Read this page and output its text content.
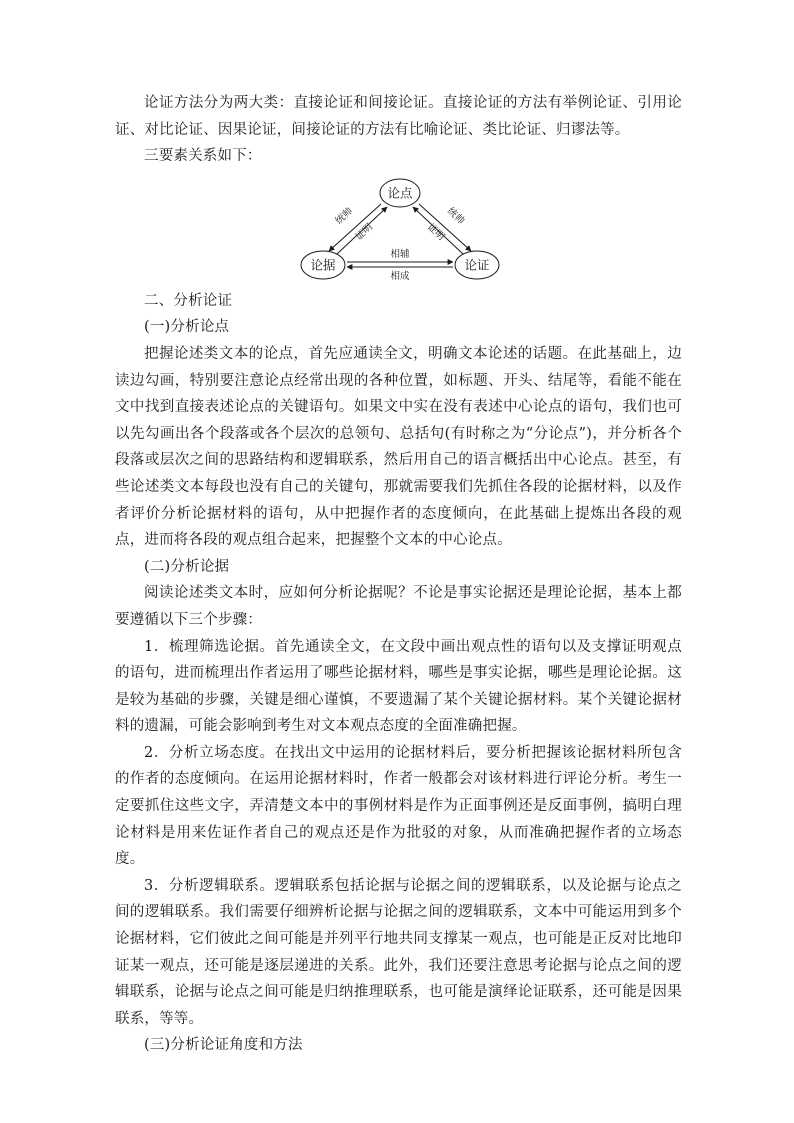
论证方法分为两大类：直接论证和间接论证。直接论证的方法有举例论证、引用论证、对比论证、因果论证，间接论证的方法有比喻论证、类比论证、归谬法等。

三要素关系如下：

论点
论据	论证
统帅
证明
统帅
证明
相辅
相成

二、分析论证

(一)分析论点

把握论述类文本的论点，首先应通读全文，明确文本论述的话题。在此基础上，边读边勾画，特别要注意论点经常出现的各种位置，如标题、开头、结尾等，看能不能在文中找到直接表述论点的关键语句。如果文中实在没有表述中心论点的语句，我们也可以先勾画出各个段落或各个层次的总领句、总括句(有时称之为“分论点”)，并分析各个段落或层次之间的思路结构和逻辑联系，然后用自己的语言概括出中心论点。甚至，有些论述类文本每段也没有自己的关键句，那就需要我们先抓住各段的论据材料，以及作者评价分析论据材料的语句，从中把握作者的态度倾向，在此基础上提炼出各段的观点，进而将各段的观点组合起来，把握整个文本的中心论点。

(二)分析论据

阅读论述类文本时，应如何分析论据呢？不论是事实论据还是理论论据，基本上都要遵循以下三个步骤：

1．梳理筛选论据。首先通读全文，在文段中画出观点性的语句以及支撑证明观点的语句，进而梳理出作者运用了哪些论据材料，哪些是事实论据，哪些是理论论据。这是较为基础的步骤，关键是细心谨慎，不要遗漏了某个关键论据材料。某个关键论据材料的遗漏，可能会影响到考生对文本观点态度的全面准确把握。

2．分析立场态度。在找出文中运用的论据材料后，要分析把握该论据材料所包含的作者的态度倾向。在运用论据材料时，作者一般都会对该材料进行评论分析。考生一定要抓住这些文字，弄清楚文本中的事例材料是作为正面事例还是反面事例，搞明白理论材料是用来佐证作者自己的观点还是作为批驳的对象，从而准确把握作者的立场态度。

3．分析逻辑联系。逻辑联系包括论据与论据之间的逻辑联系，以及论据与论点之间的逻辑联系。我们需要仔细辨析论据与论据之间的逻辑联系，文本中可能运用到多个论据材料，它们彼此之间可能是并列平行地共同支撑某一观点，也可能是正反对比地印证某一观点，还可能是逐层递进的关系。此外，我们还要注意思考论据与论点之间的逻辑联系，论据与论点之间可能是归纳推理联系，也可能是演绎论证联系，还可能是因果联系，等等。

(三)分析论证角度和方法
